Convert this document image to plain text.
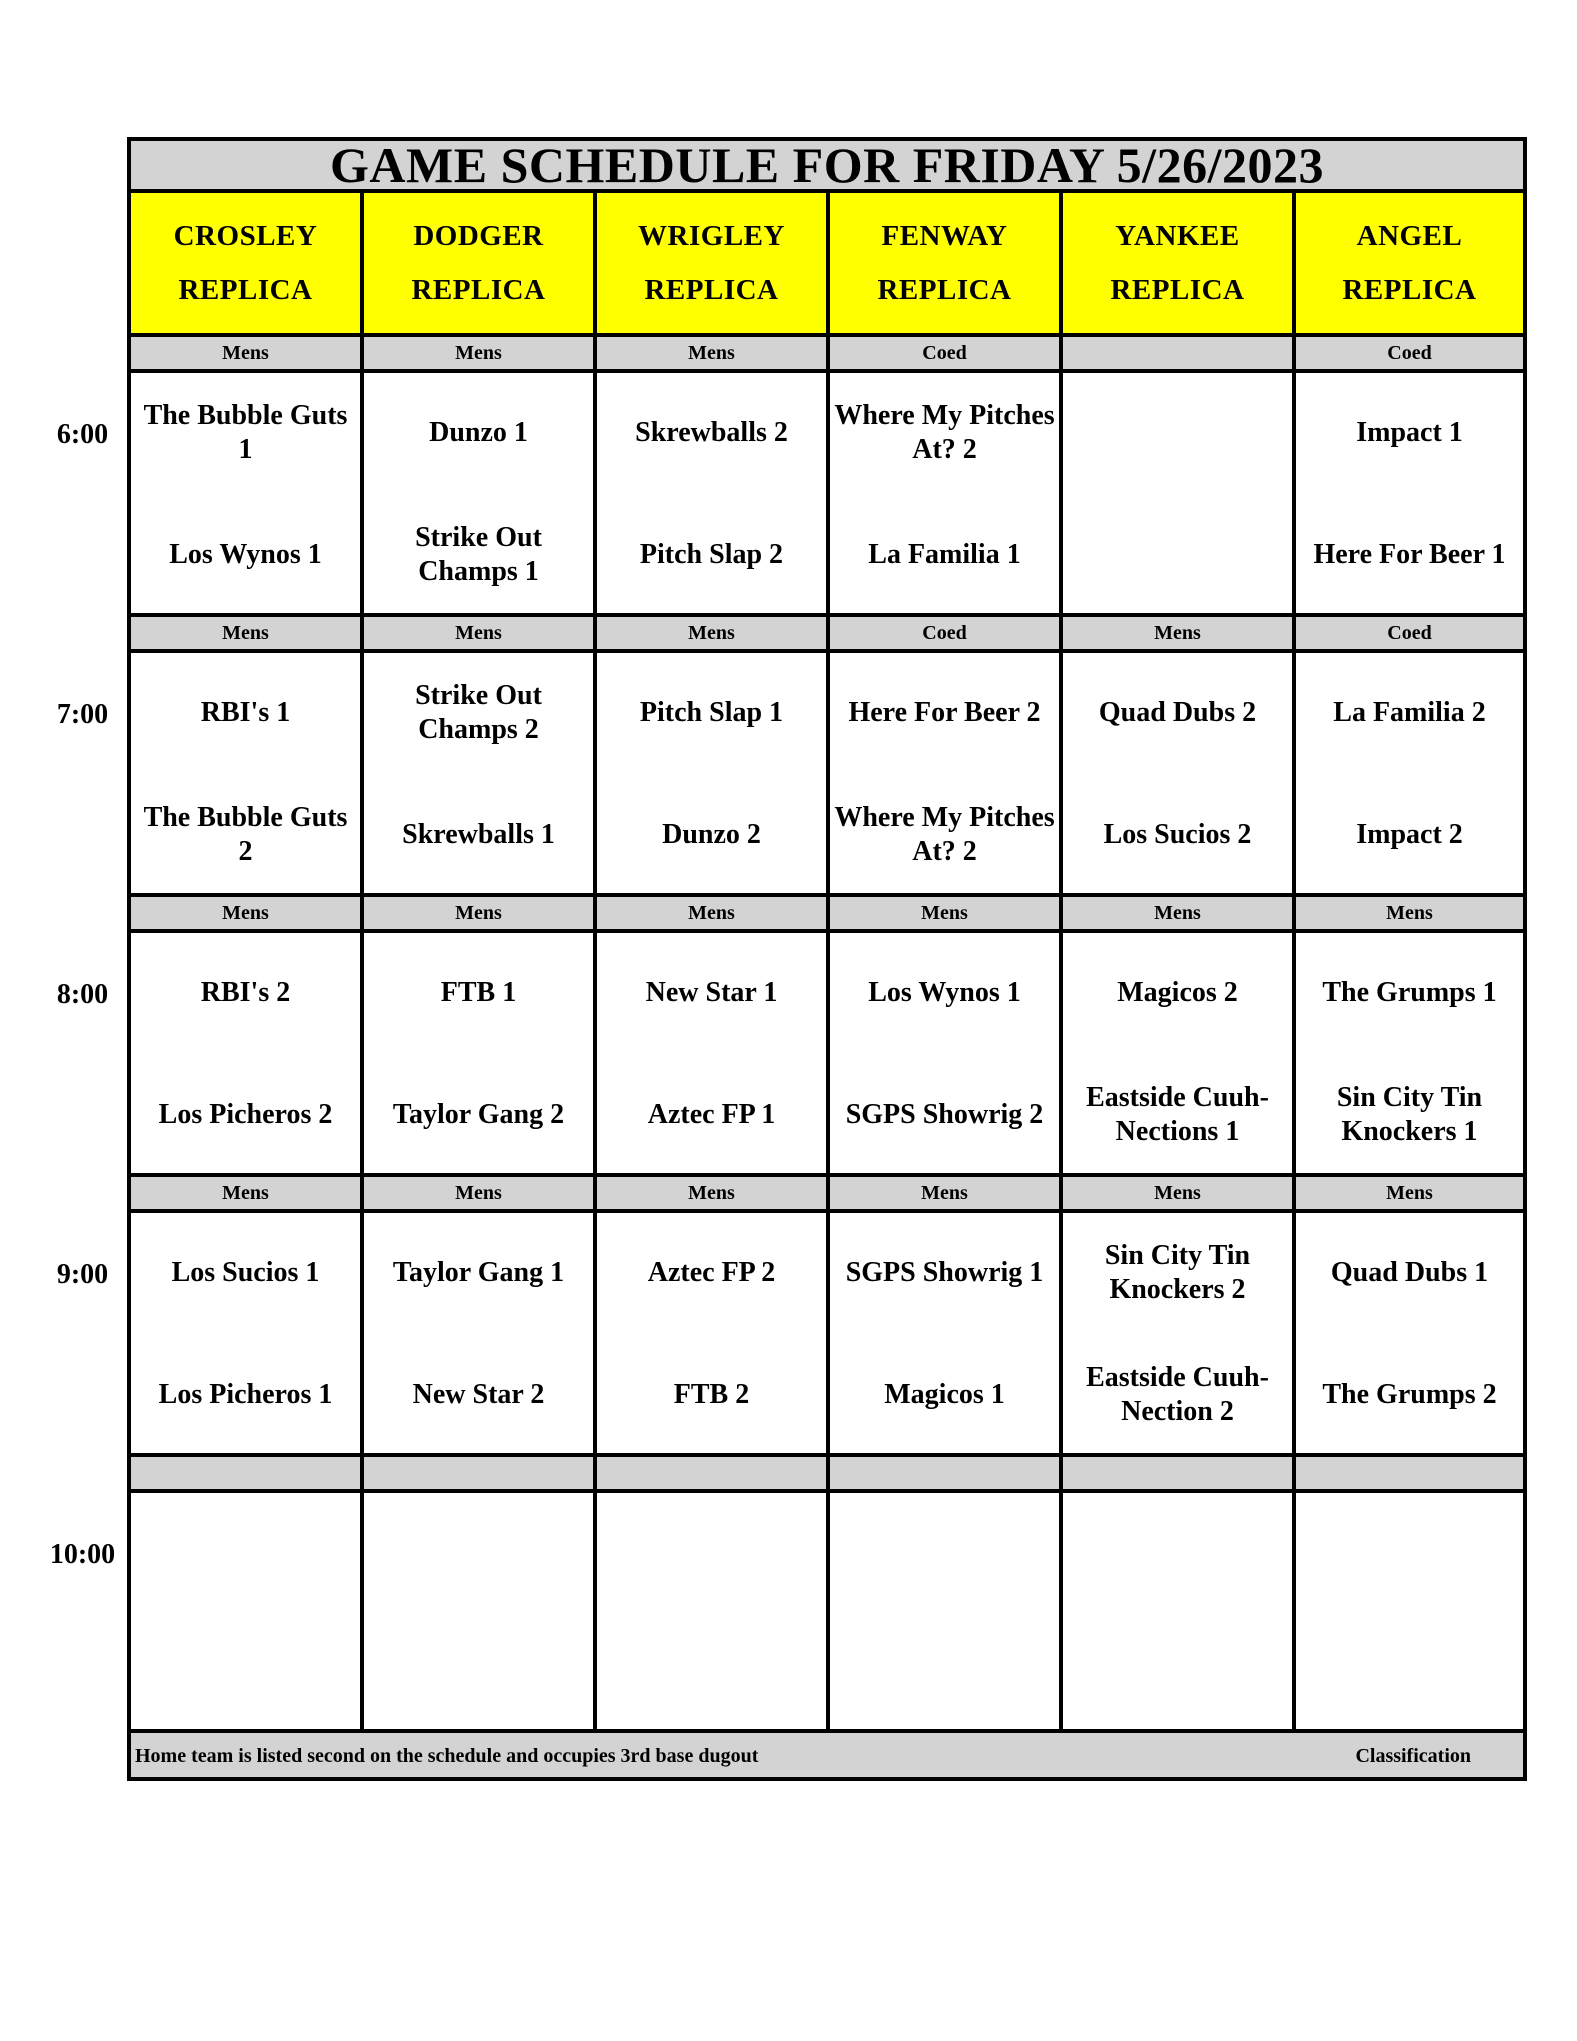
GAME SCHEDULE FOR FRIDAY 5/26/2023
CROSLEY
REPLICA
Mens
The Bubble Guts 1
Los Wynos 1
Mens
RBI's 1
The Bubble Guts 2
Mens
RBI's 2
Los Picheros 2
Mens
Los Sucios 1
Los Picheros 1
DODGER
REPLICA
Mens
Dunzo 1
Strike Out Champs 1
Mens
Strike Out Champs 2
Skrewballs 1
Mens
FTB 1
Taylor Gang 2
Mens
Taylor Gang 1
New Star 2
WRIGLEY
REPLICA
Mens
Skrewballs 2
Pitch Slap 2
Mens
Pitch Slap 1
Dunzo 2
Mens
New Star 1
Aztec FP 1
Mens
Aztec FP 2
FTB 2
FENWAY
REPLICA
Coed
Where My Pitches At? 2
La Familia 1
Coed
Here For Beer 2
Where My Pitches At? 2
Mens
Los Wynos 1
SGPS Showrig 2
Mens
SGPS Showrig 1
Magicos 1
YANKEE
REPLICA
Mens
Quad Dubs 2
Los Sucios 2
Mens
Magicos 2
Eastside Cuuh-Nections 1
Mens
Sin City Tin Knockers 2
Eastside Cuuh-Nection 2
ANGEL
REPLICA
Coed
Impact 1
Here For Beer 1
Coed
La Familia 2
Impact 2
Mens
The Grumps 1
Sin City Tin Knockers 1
Mens
Quad Dubs 1
The Grumps 2
Home team is listed second on the schedule and occupies 3rd base dugout	Classification
6:00
7:00
8:00
9:00
10:00
